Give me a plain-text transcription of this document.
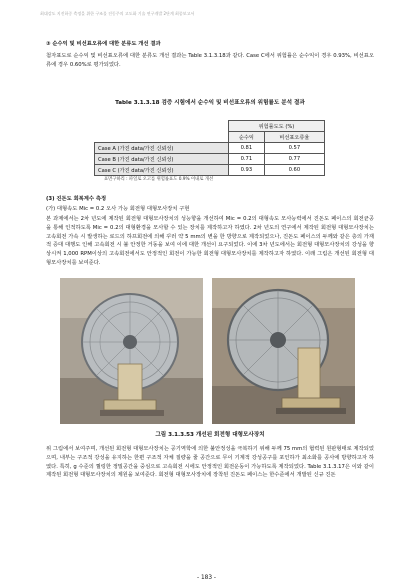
최대강도 지진하중 측정을 위한 구조물 진동주의 고도화 기술 연구개발 2단계 최종보고서
③ 순수익 및 비선표오류에 대한 분류도 개선 결과
첨자표도로 순수익 및 비선표오류에 대한 분류도 개선 결과는 Table 3.1.3.18과 같다. Case C에서 위험률은 순수익이 경우 0.93%, 비선표오류에 경우 0.60%로 평가되었다.
Table 3.1.3.18 검증 시험에서 순수익 및 비선표오류의 위험률도 분석 결과
	위험률도도 (%)	
	순수익	비선표오류율
Case A (가진 data/가진 신뢰성)	0.81	0.57
Case B (가진 data/가진 신뢰성)	0.71	0.77
Case C (가진 data/가진 신뢰성)	0.93	0.60
표면구하리 : 파일로 오고를 위험률표도 0.9% 이내로 개선
(3) 진돈도 회복계수 측정
(가) 대형속도 Mic = 0.2 오사 가능 회전형 대형모사장치 구현
본 과제에서는 2차 년도에 제작된 회전형 대형모사장치의 성능향을 개선하여 Mic = 0.2의 대형속도 모사능력에서 진돈도 페이스의 회전균공을 통해 인적하도록 Mic = 0.2의 대형환경을 모사할 수 있는 장치를 제작하고자 하였다. 2차 년도의 연구에서 제작된 회전형 대형모사장치는 고속회전 가속 시 발생하는 로드의 하프회전에 의해 꾸러 약 5 mm의 변을 한 방향으로 제작되었으나, 진돈도 페이스의 두께와 같은 층의 가재적 증대 대행도 인해 고속회전 시 불 안정한 거동을 보여 이에 대한 개선이 요구되었다. 이에 3차 년도에서는 회전형 대형모사장치의 강성을 향상시켜 1,000 RPM이상의 고속회전에서도 안정적인 회전이 가능한 회전형 대형모사장치를 제작하고자 하였다. 이래 그림은 개선된 회전형 대형모사장치를 보여준다.
그림 3.1.3.53 개선된 회전형 대형모사장치
위 그림에서 보여주며, 개선된 회전형 대형모사장치는 공기역학에 의한 불안정성을 극복하기 위해 두께 75 mm의 협력된 원판형태로 제작되었으며, 내부는 구조적 강성을 유지하는 한편 구조적 자체 질량을 줄 공간으로 무이 기계적 강성공구를 포인하가 최소화를 공사에 방향하고자 하였다. 특히, g 수준의 퀄링한 정밀공간을 중심으로 고속회전 시에도 안정적인 회전운동이 가능하도록 제작되었다. Table 3.1.3.17은 이와 같이 제작된 회전형 대형모사장치의 제원을 보여준다. 회전형 대형모사장치에 장착된 진돈도 페이스는 한수준에서 개발된 신규 진돈
- 183 -
